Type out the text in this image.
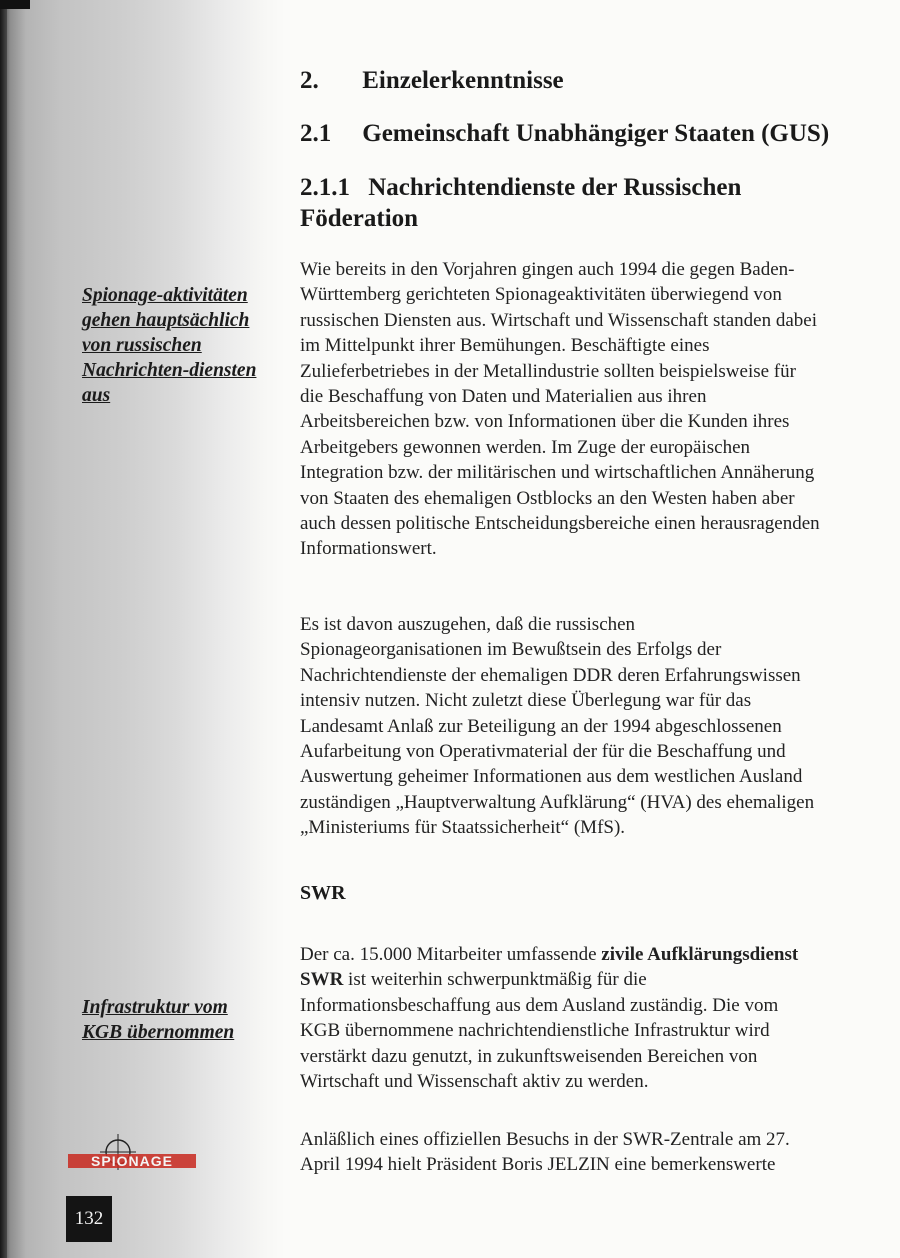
2. Einzelerkenntnisse
2.1 Gemeinschaft Unabhängiger Staaten (GUS)
2.1.1 Nachrichtendienste der Russischen
Föderation

Spionage-aktivitäten gehen hauptsächlich von russischen Nachrichten-diensten aus

Wie bereits in den Vorjahren gingen auch 1994 die gegen Baden-Württemberg gerichteten Spionageaktivitäten überwiegend von russischen Diensten aus. Wirtschaft und Wissenschaft standen dabei im Mittelpunkt ihrer Bemühungen. Beschäftigte eines Zulieferbetriebes in der Metallindustrie sollten beispielsweise für die Beschaffung von Daten und Materialien aus ihren Arbeitsbereichen bzw. von Informationen über die Kunden ihres Arbeitgebers gewonnen werden. Im Zuge der europäischen Integration bzw. der militärischen und wirtschaftlichen Annäherung von Staaten des ehemaligen Ostblocks an den Westen haben aber auch dessen politische Entscheidungsbereiche einen herausragenden Informationswert.

Es ist davon auszugehen, daß die russischen Spionageorganisationen im Bewußtsein des Erfolgs der Nachrichtendienste der ehemaligen DDR deren Erfahrungswissen intensiv nutzen. Nicht zuletzt diese Überlegung war für das Landesamt Anlaß zur Beteiligung an der 1994 abgeschlossenen Aufarbeitung von Operativmaterial der für die Beschaffung und Auswertung geheimer Informationen aus dem westlichen Ausland zuständigen „Hauptverwaltung Aufklärung“ (HVA) des ehemaligen „Ministeriums für Staatssicherheit“ (MfS).

SWR

Der ca. 15.000 Mitarbeiter umfassende zivile Aufklärungsdienst SWR ist weiterhin schwerpunktmäßig für die Informationsbeschaffung aus dem Ausland zuständig. Die vom KGB übernommene nachrichtendienstliche Infrastruktur wird verstärkt dazu genutzt, in zukunftsweisenden Bereichen von Wirtschaft und Wissenschaft aktiv zu werden.

Infrastruktur vom KGB übernommen

Anläßlich eines offiziellen Besuchs in der SWR-Zentrale am 27. April 1994 hielt Präsident Boris JELZIN eine bemerkenswerte

SPIONAGE
132
